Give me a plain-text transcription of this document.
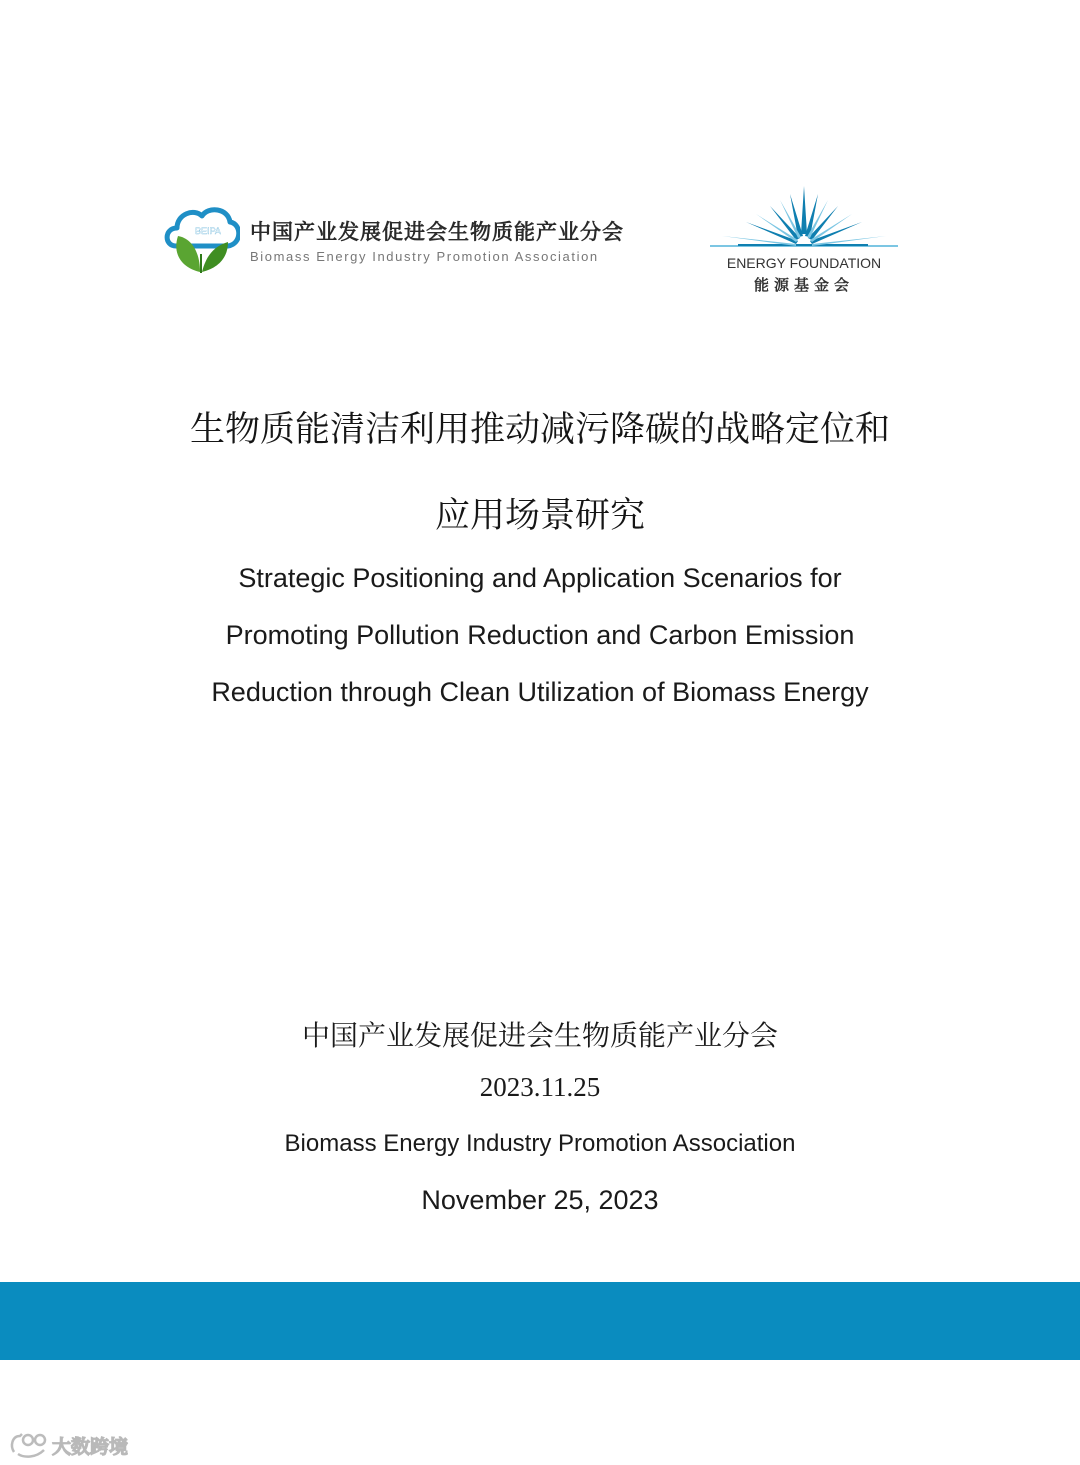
BEIPA 中国产业发展促进会生物质能产业分会
Biomass Energy Industry Promotion Association	ENERGY FOUNDATION
能源基金会
生物质能清洁利用推动减污降碳的战略定位和
应用场景研究
Strategic Positioning and Application Scenarios for
Promoting Pollution Reduction and Carbon Emission
Reduction through Clean Utilization of Biomass Energy
中国产业发展促进会生物质能产业分会
2023.11.25
Biomass Energy Industry Promotion Association
November 25, 2023
大数跨境
